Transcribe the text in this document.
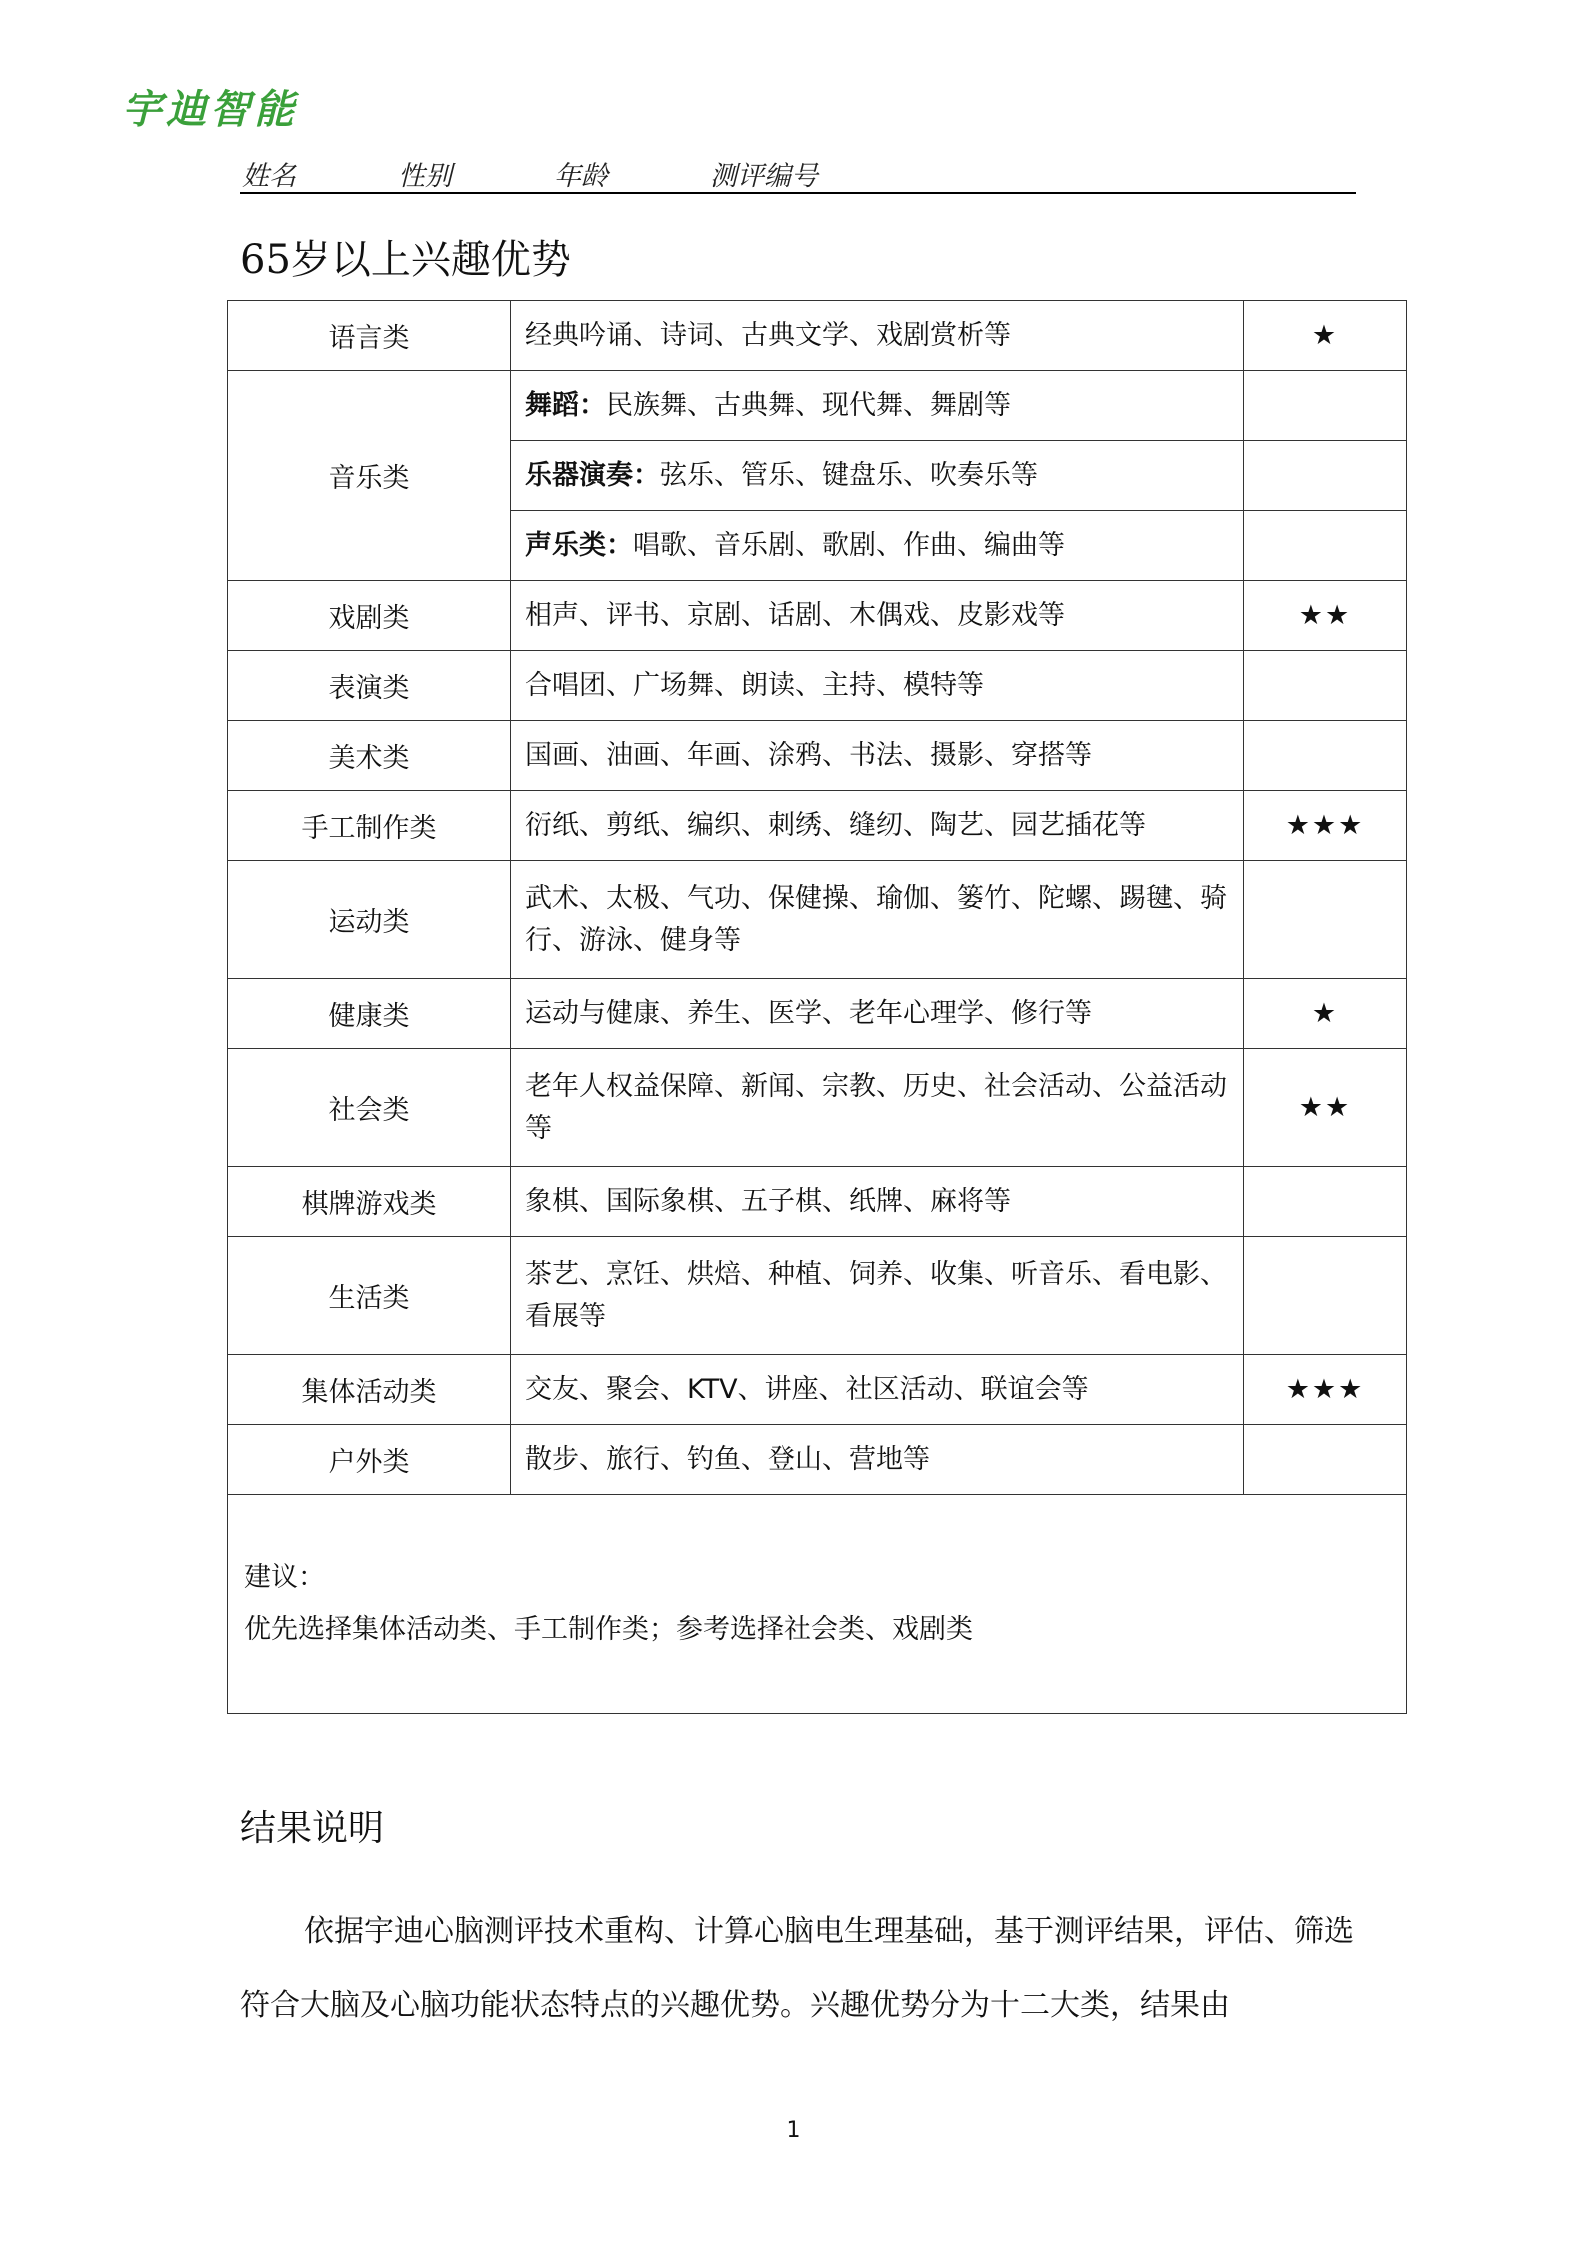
宇迪智能
姓名	性别	年龄	测评编号
65岁以上兴趣优势
语言类	经典吟诵、诗词、古典文学、戏剧赏析等	★
音乐类	舞蹈：民族舞、古典舞、现代舞、舞剧等	
	乐器演奏：弦乐、管乐、键盘乐、吹奏乐等	
	声乐类：唱歌、音乐剧、歌剧、作曲、编曲等	
戏剧类	相声、评书、京剧、话剧、木偶戏、皮影戏等	★★
表演类	合唱团、广场舞、朗读、主持、模特等	
美术类	国画、油画、年画、涂鸦、书法、摄影、穿搭等	
手工制作类	衍纸、剪纸、编织、刺绣、缝纫、陶艺、园艺插花等	★★★
运动类	武术、太极、气功、保健操、瑜伽、篓竹、陀螺、踢毽、骑行、游泳、健身等	
健康类	运动与健康、养生、医学、老年心理学、修行等	★
社会类	老年人权益保障、新闻、宗教、历史、社会活动、公益活动等	★★
棋牌游戏类	象棋、国际象棋、五子棋、纸牌、麻将等	
生活类	茶艺、烹饪、烘焙、种植、饲养、收集、听音乐、看电影、看展等	
集体活动类	交友、聚会、KTV、讲座、社区活动、联谊会等	★★★
户外类	散步、旅行、钓鱼、登山、营地等	

建议：
优先选择集体活动类、手工制作类；参考选择社会类、戏剧类		
结果说明
依据宇迪心脑测评技术重构、计算心脑电生理基础，基于测评结果，评估、筛选符合大脑及心脑功能状态特点的兴趣优势。兴趣优势分为十二大类，结果由
1
